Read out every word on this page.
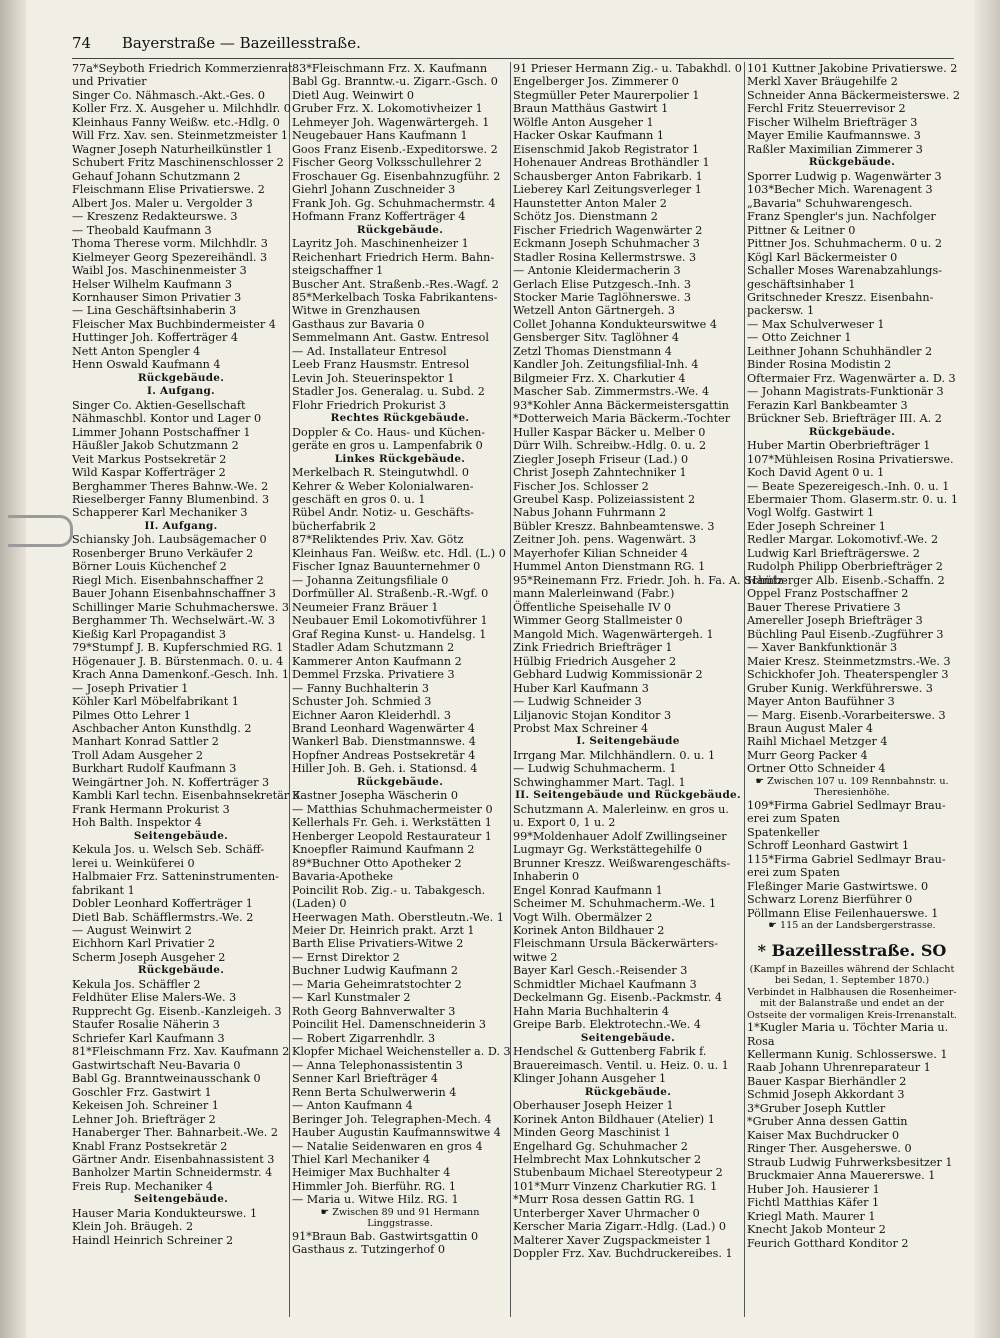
74 Bayerstraße — Bazeillesstraße.
77a*Seyboth Friedrich Kommerzienrat
und Privatier
Singer Co. Nähmasch.-Akt.-Ges. 0
Koller Frz. X. Ausgeher u. Milchhdlr. 0
Kleinhaus Fanny Weißw. etc.-Hdlg. 0
Will Frz. Xav. sen. Steinmetzmeister 1
Wagner Joseph Naturheilkünstler 1
Schubert Fritz Maschinenschlosser 2
Gehauf Johann Schutzmann 2
Fleischmann Elise Privatierswe. 2
Albert Jos. Maler u. Vergolder 3
— Kreszenz Redakteurswe. 3
— Theobald Kaufmann 3
Thoma Therese vorm. Milchhdlr. 3
Kielmeyer Georg Spezereihändl. 3
Waibl Jos. Maschinenmeister 3
Helser Wilhelm Kaufmann 3
Kornhauser Simon Privatier 3
— Lina Geschäftsinhaberin 3
Fleischer Max Buchbindermeister 4
Huttinger Joh. Kofferträger 4
Nett Anton Spengler 4
Henn Oswald Kaufmann 4
Rückgebäude.
I. Aufgang.
Singer Co. Aktien-Gesellschaft
Nähmaschbl. Kontor und Lager 0
Limmer Johann Postschaffner 1
Häußler Jakob Schutzmann 2
Veit Markus Postsekretär 2
Wild Kaspar Kofferträger 2
Berghammer Theres Bahnw.-We. 2
Rieselberger Fanny Blumenbind. 3
Schapperer Karl Mechaniker 3
II. Aufgang.
Schiansky Joh. Laubsägemacher 0
Rosenberger Bruno Verkäufer 2
Börner Louis Küchenchef 2
Riegl Mich. Eisenbahnschaffner 2
Bauer Johann Eisenbahnschaffner 3
Schillinger Marie Schuhmacherswe. 3
Berghammer Th. Wechselwärt.-W. 3
Kießig Karl Propagandist 3
79*Stumpf J. B. Kupferschmied RG. 1
Högenauer J. B. Bürstenmach. 0. u. 4
Krach Anna Damenkonf.-Gesch. Inh. 1
— Joseph Privatier 1
Köhler Karl Möbelfabrikant 1
Pilmes Otto Lehrer 1
Aschbacher Anton Kunsthdlg. 2
Manhart Konrad Sattler 2
Troll Adam Ausgeher 2
Burkhart Rudolf Kaufmann 3
Weingärtner Joh. N. Kofferträger 3
Kambli Karl techn. Eisenbahnsekretär 3
Frank Hermann Prokurist 3
Hoh Balth. Inspektor 4
Seitengebäude.
Kekula Jos. u. Welsch Seb. Schäff-
lerei u. Weinküferei 0
Halbmaier Frz. Satteninstrumenten-
fabrikant 1
Dobler Leonhard Kofferträger 1
Dietl Bab. Schäfflermstrs.-We. 2
— August Weinwirt 2
Eichhorn Karl Privatier 2
Scherm Joseph Ausgeher 2
Rückgebäude.
Kekula Jos. Schäffler 2
Feldhüter Elise Malers-We. 3
Rupprecht Gg. Eisenb.-Kanzleigeh. 3
Staufer Rosalie Näherin 3
Schriefer Karl Kaufmann 3
81*Fleischmann Frz. Xav. Kaufmann 2
Gastwirtschaft Neu-Bavaria 0
Babl Gg. Branntweinausschank 0
Goschler Frz. Gastwirt 1
Kekeisen Joh. Schreiner 1
Lehner Joh. Briefträger 2
Hanaberger Ther. Bahnarbeit.-We. 2
Knabl Franz Postsekretär 2
Gärtner Andr. Eisenbahnassistent 3
Banholzer Martin Schneidermstr. 4
Freis Rup. Mechaniker 4
Seitengebäude.
Hauser Maria Kondukteurswe. 1
Klein Joh. Bräugeh. 2
Haindl Heinrich Schreiner 2
83*Fleischmann Frz. X. Kaufmann
Babl Gg. Branntw.-u. Zigarr.-Gsch. 0
Dietl Aug. Weinwirt 0
Gruber Frz. X. Lokomotivheizer 1
Lehmeyer Joh. Wagenwärtergeh. 1
Neugebauer Hans Kaufmann 1
Goos Franz Eisenb.-Expeditorswe. 2
Fischer Georg Volksschullehrer 2
Froschauer Gg. Eisenbahnzugführ. 2
Giehrl Johann Zuschneider 3
Frank Joh. Gg. Schuhmachermstr. 4
Hofmann Franz Kofferträger 4
Rückgebäude.
Layritz Joh. Maschinenheizer 1
Reichenhart Friedrich Herm. Bahn-
steigschaffner 1
Buscher Ant. Straßenb.-Res.-Wagf. 2
85*Merkelbach Toska Fabrikantens-
Witwe in Grenzhausen
Gasthaus zur Bavaria 0
Semmelmann Ant. Gastw. Entresol
— Ad. Installateur Entresol
Leeb Franz Hausmstr. Entresol
Levin Joh. Steuerinspektor 1
Stadler Jos. Generalag. u. Subd. 2
Flohr Friedrich Prokurist 3
Rechtes Rückgebäude.
Doppler & Co. Haus- und Küchen-
geräte en gros u. Lampenfabrik 0
Linkes Rückgebäude.
Merkelbach R. Steingutwhdl. 0
Kehrer & Weber Kolonialwaren-
geschäft en gros 0. u. 1
Rübel Andr. Notiz- u. Geschäfts-
bücherfabrik 2
87*Reliktendes Priv. Xav. Götz
Kleinhaus Fan. Weißw. etc. Hdl. (L.) 0
Fischer Ignaz Bauunternehmer 0
— Johanna Zeitungsfiliale 0
Dorfmüller Al. Straßenb.-R.-Wgf. 0
Neumeier Franz Bräuer 1
Neubauer Emil Lokomotivführer 1
Graf Regina Kunst- u. Handelsg. 1
Stadler Adam Schutzmann 2
Kammerer Anton Kaufmann 2
Demmel Frzska. Privatiere 3
— Fanny Buchhalterin 3
Schuster Joh. Schmied 3
Eichner Aaron Kleiderhdl. 3
Brand Leonhard Wagenwärter 4
Wankerl Bab. Dienstmannswe. 4
Hopfner Andreas Postsekretär 4
Hiller Joh. B. Geh. i. Stationsd. 4
Rückgebäude.
Kastner Josepha Wäscherin 0
— Matthias Schuhmachermeister 0
Kellerhals Fr. Geh. i. Werkstätten 1
Henberger Leopold Restaurateur 1
Knoepfler Raimund Kaufmann 2
89*Buchner Otto Apotheker 2
Bavaria-Apotheke
Poincilit Rob. Zig.- u. Tabakgesch.
(Laden) 0
Heerwagen Math. Oberstleutn.-We. 1
Meier Dr. Heinrich prakt. Arzt 1
Barth Elise Privatiers-Witwe 2
— Ernst Direktor 2
Buchner Ludwig Kaufmann 2
— Maria Geheimratstochter 2
— Karl Kunstmaler 2
Roth Georg Bahnverwalter 3
Poincilit Hel. Damenschneiderin 3
— Robert Zigarrenhdlr. 3
Klopfer Michael Weichensteller a. D. 3
— Anna Telephonassistentin 3
Senner Karl Briefträger 4
Renn Berta Schulwerwerin 4
— Anton Kaufmann 4
Beringer Joh. Telegraphen-Mech. 4
Hauber Augustin Kaufmannswitwe 4
— Natalie Seidenwaren en gros 4
Thiel Karl Mechaniker 4
Heimiger Max Buchhalter 4
Himmler Joh. Bierführ. RG. 1
— Maria u. Witwe Hilz. RG. 1
☛ Zwischen 89 und 91 Hermann Linggstrasse.
91*Braun Bab. Gastwirtsgattin 0
Gasthaus z. Tutzingerhof 0
91 Prieser Hermann Zig.- u. Tabakhdl. 0
Engelberger Jos. Zimmerer 0
Stegmüller Peter Maurerpolier 1
Braun Matthäus Gastwirt 1
Wölfle Anton Ausgeher 1
Hacker Oskar Kaufmann 1
Eisenschmid Jakob Registrator 1
Hohenauer Andreas Brothändler 1
Schausberger Anton Fabrikarb. 1
Lieberey Karl Zeitungsverleger 1
Haunstetter Anton Maler 2
Schötz Jos. Dienstmann 2
Fischer Friedrich Wagenwärter 2
Eckmann Joseph Schuhmacher 3
Stadler Rosina Kellermstrswe. 3
— Antonie Kleidermacherin 3
Gerlach Elise Putzgesch.-Inh. 3
Stocker Marie Taglöhnerswe. 3
Wetzell Anton Gärtnergeh. 3
Collet Johanna Kondukteurswitwe 4
Gensberger Sitv. Taglöhner 4
Zetzl Thomas Dienstmann 4
Kandler Joh. Zeitungsfilial-Inh. 4
Bilgmeier Frz. X. Charkutier 4
Mascher Sab. Zimmermstrs.-We. 4
93*Kohler Anna Bäckermeistersgattin
*Dotterweich Maria Bäckerm.-Tochter
Huller Kaspar Bäcker u. Melber 0
Dürr Wilh. Schreibw.-Hdlg. 0. u. 2
Ziegler Joseph Friseur (Lad.) 0
Christ Joseph Zahntechniker 1
Fischer Jos. Schlosser 2
Greubel Kasp. Polizeiassistent 2
Nabus Johann Fuhrmann 2
Bübler Kreszz. Bahnbeamtenswe. 3
Zeitner Joh. pens. Wagenwärt. 3
Mayerhofer Kilian Schneider 4
Hummel Anton Dienstmann RG. 1
95*Reinemann Frz. Friedr. Joh. h. Fa. A. Schütz-
mann Malerleinwand (Fabr.)
Öffentliche Speisehalle IV 0
Wimmer Georg Stallmeister 0
Mangold Mich. Wagenwärtergeh. 1
Zink Friedrich Briefträger 1
Hülbig Friedrich Ausgeher 2
Gebhard Ludwig Kommissionär 2
Huber Karl Kaufmann 3
— Ludwig Schneider 3
Liljanovic Stojan Konditor 3
Probst Max Schreiner 4
I. Seitengebäude
Irrgang Mar. Milchhändlern. 0. u. 1
— Ludwig Schuhmacherm. 1
Schwinghammer Mart. Tagl. 1
II. Seitengebäude und Rückgebäude.
Schutzmann A. Malerleinw. en gros u.
u. Export 0, 1 u. 2
99*Moldenhauer Adolf Zwillingseiner
Lugmayr Gg. Werkstättegehilfe 0
Brunner Kreszz. Weißwarengeschäfts-
Inhaberin 0
Engel Konrad Kaufmann 1
Scheimer M. Schuhmacherm.-We. 1
Vogt Wilh. Obermälzer 2
Korinek Anton Bildhauer 2
Fleischmann Ursula Bäckerwärters-
witwe 2
Bayer Karl Gesch.-Reisender 3
Schmidtler Michael Kaufmann 3
Deckelmann Gg. Eisenb.-Packmstr. 4
Hahn Maria Buchhalterin 4
Greipe Barb. Elektrotechn.-We. 4
Seitengebäude.
Hendschel & Guttenberg Fabrik f.
Brauereimasch. Ventil. u. Heiz. 0. u. 1
Klinger Johann Ausgeher 1
Rückgebäude.
Oberhauser Joseph Heizer 1
Korinek Anton Bildhauer (Atelier) 1
Minden Georg Maschinist 1
Engelhard Gg. Schuhmacher 2
Helmbrecht Max Lohnkutscher 2
Stubenbaum Michael Stereotypeur 2
101*Murr Vinzenz Charkutier RG. 1
*Murr Rosa dessen Gattin RG. 1
Unterberger Xaver Uhrmacher 0
Kerscher Maria Zigarr.-Hdlg. (Lad.) 0
Malterer Xaver Zugspackmeister 1
Doppler Frz. Xav. Buchdruckereibes. 1
101 Kuttner Jakobine Privatierswe. 2
Merkl Xaver Bräugehilfe 2
Schneider Anna Bäckermeisterswe. 2
Ferchl Fritz Steuerrevisor 2
Fischer Wilhelm Briefträger 3
Mayer Emilie Kaufmannswe. 3
Raßler Maximilian Zimmerer 3
Rückgebäude.
Sporrer Ludwig p. Wagenwärter 3
103*Becher Mich. Warenagent 3
„Bavaria" Schuhwarengesch.
Franz Spengler's jun. Nachfolger
Pittner & Leitner 0
Pittner Jos. Schuhmacherm. 0 u. 2
Kögl Karl Bäckermeister 0
Schaller Moses Warenabzahlungs-
geschäftsinhaber 1
Gritschneder Kreszz. Eisenbahn-
packersw. 1
— Max Schulverweser 1
— Otto Zeichner 1
Leithner Johann Schuhhändler 2
Binder Rosina Modistin 2
Oftermaier Frz. Wagenwärter a. D. 3
— Johann Magistrats-Funktionär 3
Ferazin Karl Bankbeamter 3
Brückner Seb. Briefträger III. A. 2
Rückgebäude.
Huber Martin Oberbriefträger 1
107*Mühleisen Rosina Privatierswe.
Koch David Agent 0 u. 1
— Beate Spezereigesch.-Inh. 0. u. 1
Ebermaier Thom. Glaserm.str. 0. u. 1
Vogl Wolfg. Gastwirt 1
Eder Joseph Schreiner 1
Redler Margar. Lokomotivf.-We. 2
Ludwig Karl Briefträgerswe. 2
Rudolph Philipp Oberbriefträger 2
Hamberger Alb. Eisenb.-Schaffn. 2
Oppel Franz Postschaffner 2
Bauer Therese Privatiere 3
Amereller Joseph Briefträger 3
Büchling Paul Eisenb.-Zugführer 3
— Xaver Bankfunktionär 3
Maier Kresz. Steinmetzmstrs.-We. 3
Schickhofer Joh. Theaterspengler 3
Gruber Kunig. Werkführerswe. 3
Mayer Anton Baufühner 3
— Marg. Eisenb.-Vorarbeiterswe. 3
Braun August Maler 4
Raihl Michael Metzger 4
Murr Georg Packer 4
Ortner Otto Schneider 4
☛ Zwischen 107 u. 109 Rennbahnstr. u. Theresienhöhe.
109*Firma Gabriel Sedlmayr Brau-
erei zum Spaten
Spatenkeller
Schroff Leonhard Gastwirt 1
115*Firma Gabriel Sedlmayr Brau-
erei zum Spaten
Fleßinger Marie Gastwirtswe. 0
Schwarz Lorenz Bierführer 0
Pöllmann Elise Feilenhauerswe. 1
☛ 115 an der Landsbergerstrasse.
* Bazeillesstraße. SO
(Kampf in Bazeilles während der Schlacht bei Sedan, 1. September 1870.)
Verbindet in Halbhausen die Rosenheimer- mit der Balanstraße und endet an der Ostseite der vormaligen Kreis-Irrenanstalt.
1*Kugler Maria u. Töchter Maria u.
Rosa
Kellermann Kunig. Schlosserswe. 1
Raab Johann Uhrenreparateur 1
Bauer Kaspar Bierhändler 2
Schmid Joseph Akkordant 3
3*Gruber Joseph Kuttler
*Gruber Anna dessen Gattin
Kaiser Max Buchdrucker 0
Ringer Ther. Ausgeherswe. 0
Straub Ludwig Fuhrwerksbesitzer 1
Bruckmaier Anna Mauererswe. 1
Huber Joh. Hausierer 1
Fichtl Matthias Käfer 1
Kriegl Math. Maurer 1
Knecht Jakob Monteur 2
Feurich Gotthard Konditor 2
